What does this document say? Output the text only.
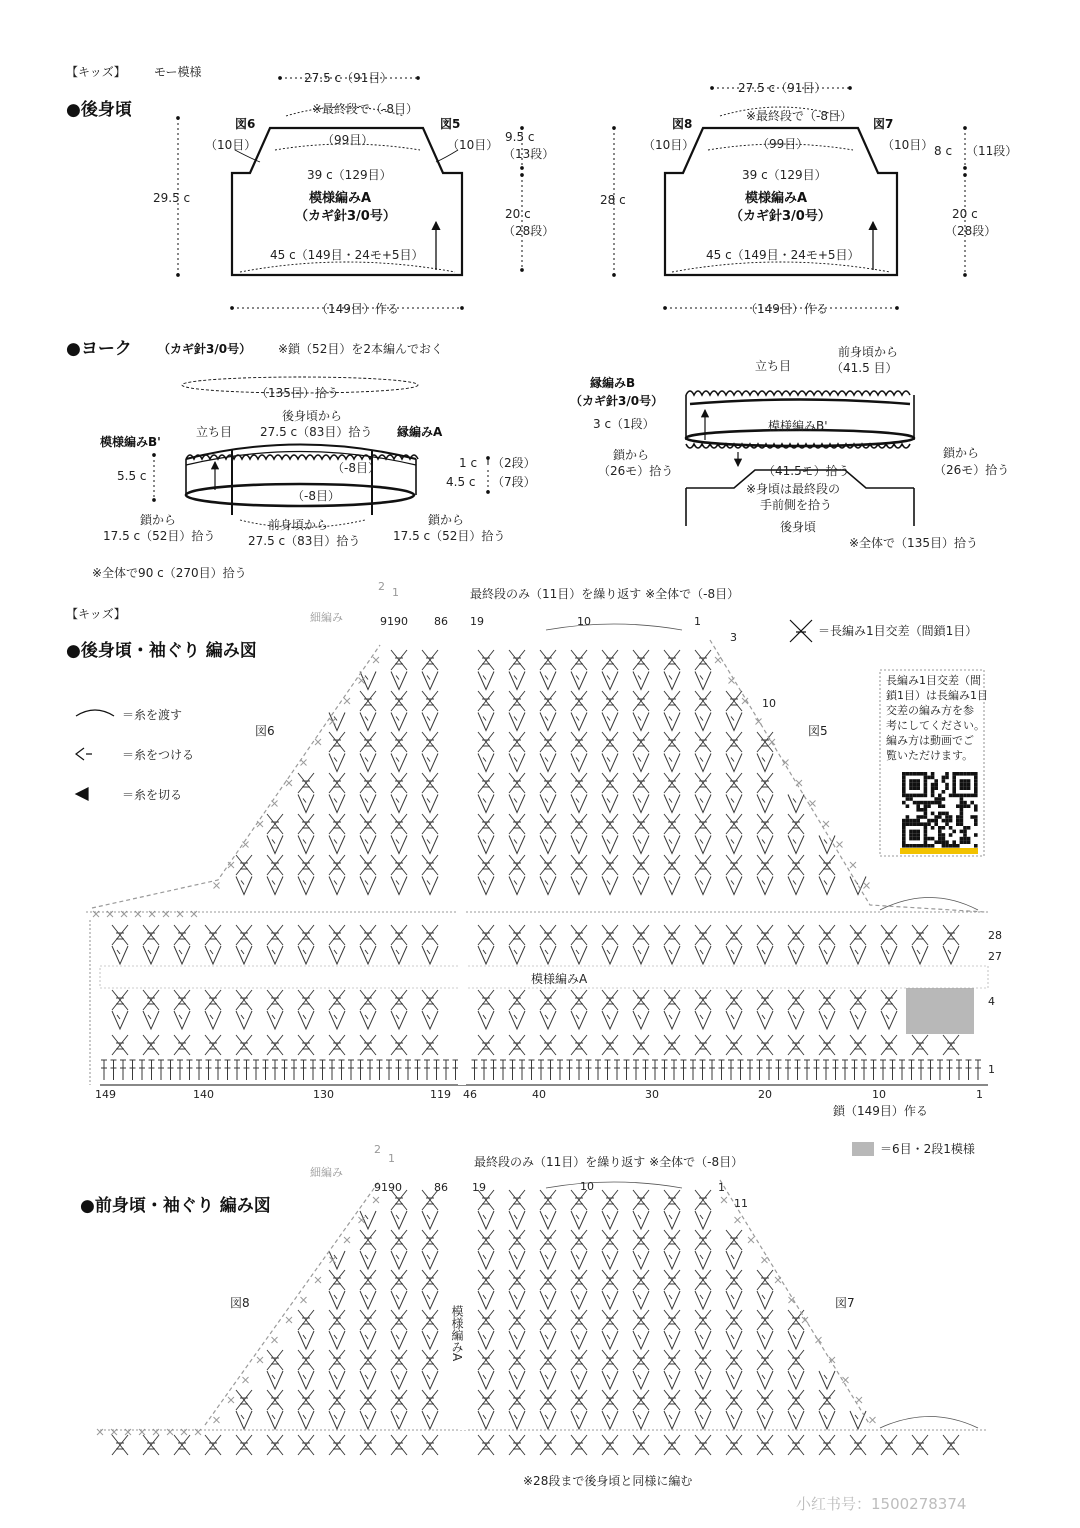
【キッズ】 モー模様
●後身頃
27.5 c（91目）
※最終段で（-8目）
（99目）
図6	図5
（10目）	（10目）
39 c（129目）
模様編みA
（カギ針3/0号）
45 c（149目・24モ+5目）
（149目）作る
29.5 c
9.5 c
（13段）
20 c
（28段）
27.5 c（91目）
※最終段で（-8目）
（99目）
図8	図7
（10目）	（10目）
39 c（129目）
模様編みA
（カギ針3/0号）
45 c（149目・24モ+5目）
（149目）作る
28 c
8 c （11段）
20 c
（28段）
●ヨーク （カギ針3/0号） ※鎖（52目）を2本編んでおく
（135目）拾う
模様編みB'
立ち目
後身頃から
27.5 c（83目）拾う 縁編みA
5.5 c
（-8目）
（-8目）
1 c （2段）
4.5 c （7段）
鎖から
17.5 c（52目）拾う
前身頃から
27.5 c（83目）拾う
鎖から
17.5 c（52目）拾う
※全体で90 c（270目）拾う
縁編みB
（カギ針3/0号）
3 c（1段）
立ち目
前身頃から
（41.5 目）
模様編みB'
鎖から
（26モ）拾う	（41.5モ）拾う
鎖から
（26モ）拾う
※身頃は最終段の
手前側を拾う
後身頃
※全体で（135目）拾う
【キッズ】
●後身頃・袖ぐり 編み図
最終段のみ（11目）を繰り返す ※全体で（-8目）
10
細編み
2 1
9190 86 19	1
3
10
＝長編み1目交差（間鎖1目）
＝糸を渡す
＝糸をつける
＝糸を切る
図6	図5
長編み1目交差（間
鎖1目）は長編み1目
交差の編み方を参
考にしてください。
編み方は動画でご
覧いただけます。
模様編みA
28
27
4
1
149	140	130	119 46	40	30	20	10	1
鎖（149目）作る
＝6目・2段1模様
●前身頃・袖ぐり 編み図
最終段のみ（11目）を繰り返す ※全体で（-8目）
10
細編み
2
1
9190	86 19	1
11
図8	図7
模様編みA
※28段まで後身頃と同様に編む
小红书号：1500278374
